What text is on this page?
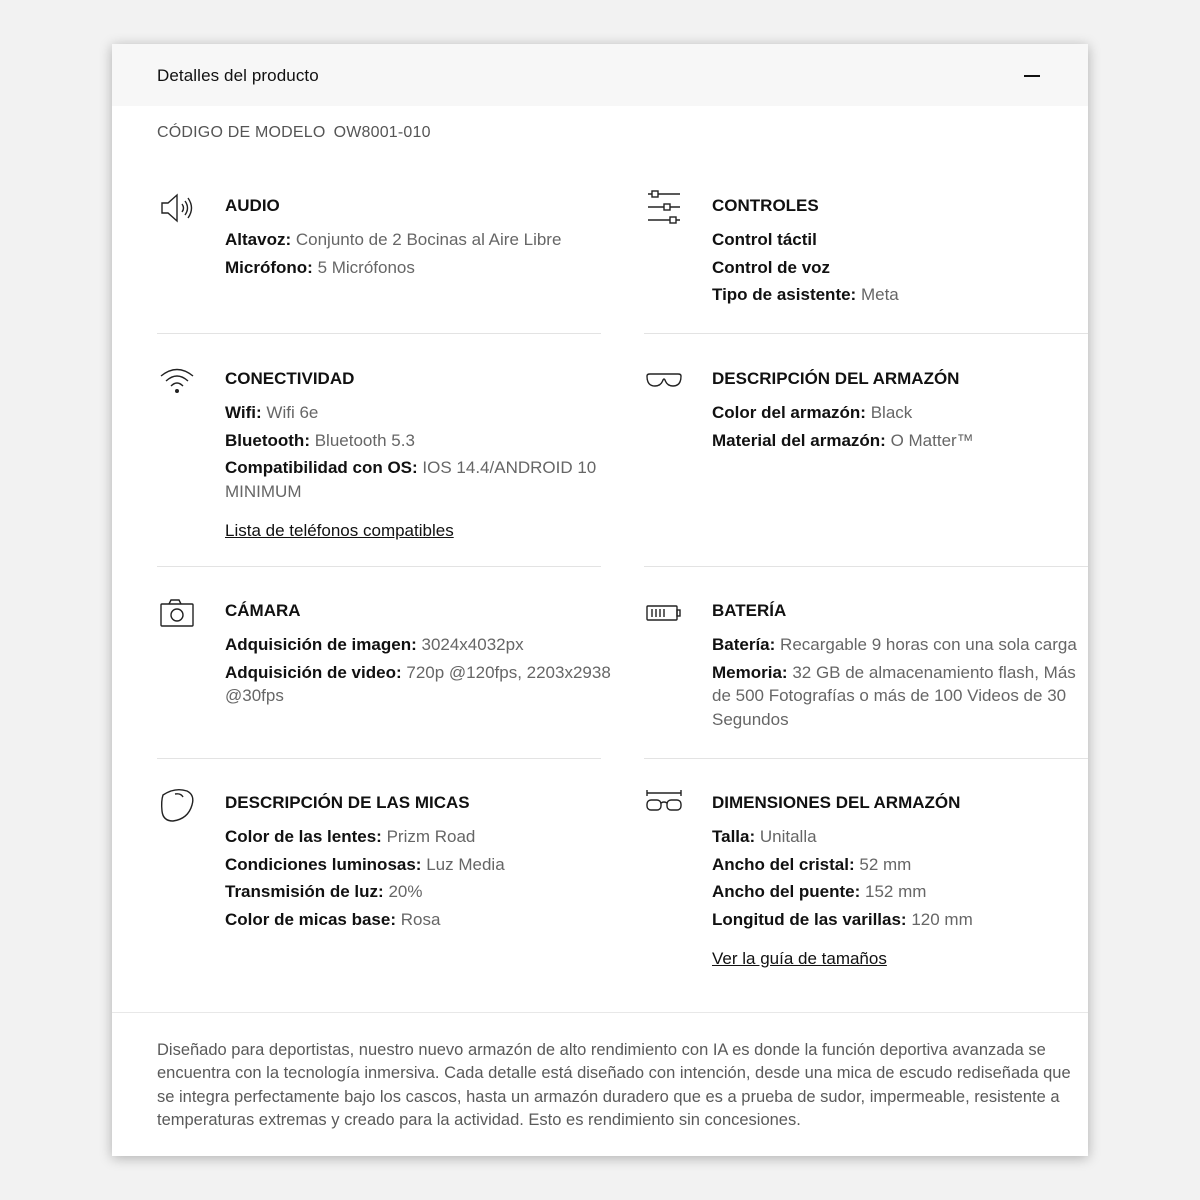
Detalles del producto
CÓDIGO DE MODELO OW8001-010
AUDIO
Altavoz: Conjunto de 2 Bocinas al Aire Libre
Micrófono: 5 Micrófonos
CONTROLES
Control táctil
Control de voz
Tipo de asistente: Meta
CONECTIVIDAD
Wifi: Wifi 6e
Bluetooth: Bluetooth 5.3
Compatibilidad con OS: IOS 14.4/ANDROID 10 MINIMUM
Lista de teléfonos compatibles
DESCRIPCIÓN DEL ARMAZÓN
Color del armazón: Black
Material del armazón: O Matter™
CÁMARA
Adquisición de imagen: 3024x4032px
Adquisición de video: 720p @120fps, 2203x2938 @30fps
BATERÍA
Batería: Recargable 9 horas con una sola carga
Memoria: 32 GB de almacenamiento flash, Más de 500 Fotografías o más de 100 Videos de 30 Segundos
DESCRIPCIÓN DE LAS MICAS
Color de las lentes: Prizm Road
Condiciones luminosas: Luz Media
Transmisión de luz: 20%
Color de micas base: Rosa
DIMENSIONES DEL ARMAZÓN
Talla: Unitalla
Ancho del cristal: 52 mm
Ancho del puente: 152 mm
Longitud de las varillas: 120 mm
Ver la guía de tamaños
Diseñado para deportistas, nuestro nuevo armazón de alto rendimiento con IA es donde la función deportiva avanzada se encuentra con la tecnología inmersiva. Cada detalle está diseñado con intención, desde una mica de escudo rediseñada que se integra perfectamente bajo los cascos, hasta un armazón duradero que es a prueba de sudor, impermeable, resistente a temperaturas extremas y creado para la actividad. Esto es rendimiento sin concesiones.
